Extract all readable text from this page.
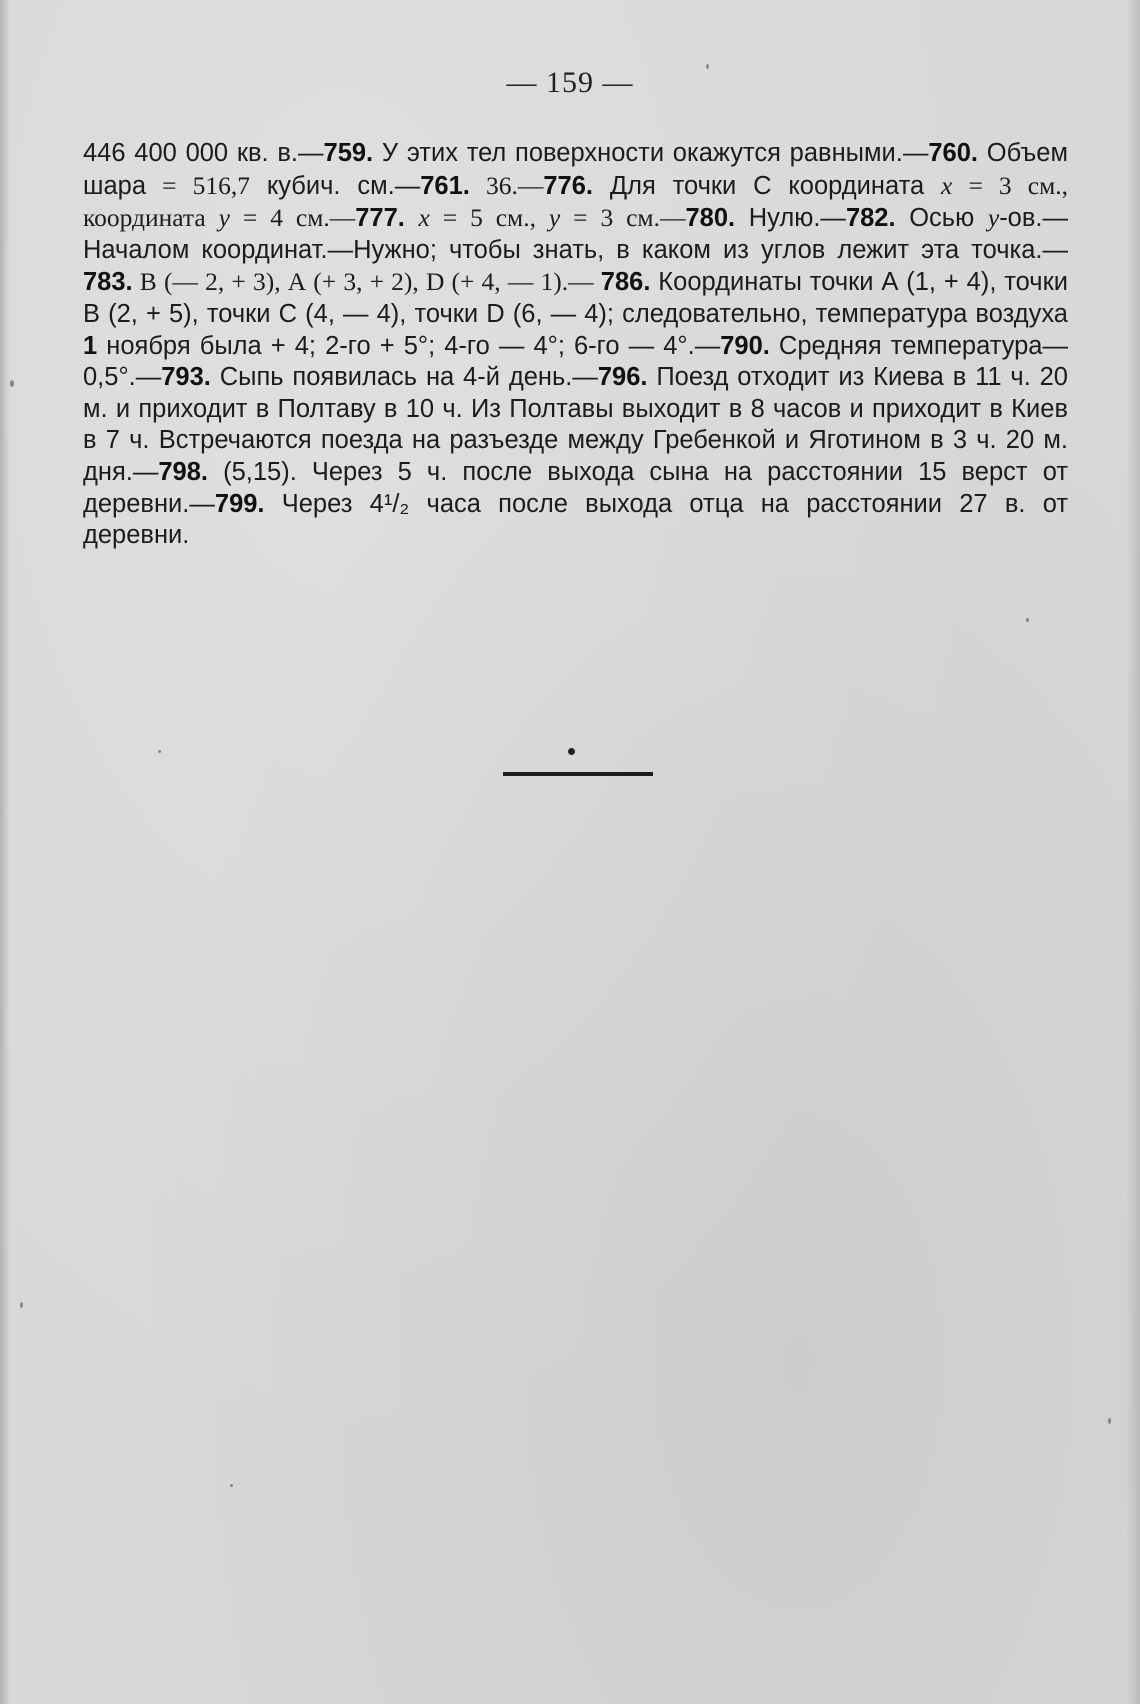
— 159 —
446 400 000 кв. в.—759. У этих тел поверхности окажутся равными.—760. Объем шара = 516,7 кубич. см.—761. 36.—776. Для точки С координата x = 3 см., координата y = 4 см.—777. x = 5 см., y = 3 см.—780. Нулю.—782. Осью y-ов.—Началом координат.—Нужно; чтобы знать, в каком из углов лежит эта точка.—783. В (— 2, + 3), А (+ 3, + 2), D (+ 4, — 1).— 786. Координаты точки А (1, + 4), точки В (2, + 5), точки С (4, — 4), точки D (6, — 4); следовательно, температура воздуха 1 ноября была + 4; 2-го + 5°; 4-го — 4°; 6-го — 4°.—790. Средняя температура—0,5°.—793. Сыпь появилась на 4-й день.—796. Поезд отходит из Киева в 11 ч. 20 м. и приходит в Полтаву в 10 ч. Из Полтавы выходит в 8 часов и приходит в Киев в 7 ч. Встречаются поезда на разъезде между Гребенкой и Яготином в 3 ч. 20 м. дня.—798. (5,15). Через 5 ч. после выхода сына на расстоянии 15 верст от деревни.—799. Через 4¹/₂ часа после выхода отца на расстоянии 27 в. от деревни.
